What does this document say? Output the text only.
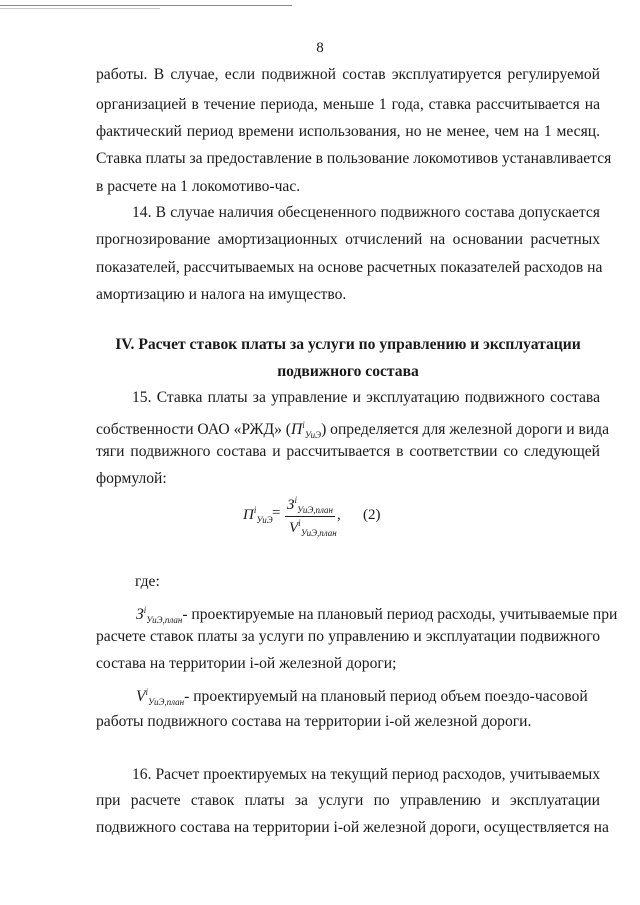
8
работы. В случае, если подвижной состав эксплуатируется регулируемой
организацией в течение периода, меньше 1 года, ставка рассчитывается на
фактический период времени использования, но не менее, чем на 1 месяц.
Ставка платы за предоставление в пользование локомотивов устанавливается
в расчете на 1 локомотиво-час.
14. В случае наличия обесцененного подвижного состава допускается
прогнозирование амортизационных отчислений на основании расчетных
показателей, рассчитываемых на основе расчетных показателей расходов на
амортизацию и налога на имущество.
IV. Расчет ставок платы за услуги по управлению и эксплуатации
подвижного состава
15. Ставка платы за управление и эксплуатацию подвижного состава
собственности ОАО «РЖД» $(П^i_{УиЭ})$ определяется для железной дороги и вида
тяги подвижного состава и рассчитывается в соответствии со следующей
формулой:
$П^i_{УиЭ} = З^i_{УиЭ,план}$
$V^i_{УиЭ,план}$
, (2)
где:
$З^i_{УиЭ,план}-$ проектируемые на плановый период расходы, учитываемые при
расчете ставок платы за услуги по управлению и эксплуатации подвижного
состава на территории i-ой железной дороги;
$V^i_{УиЭ,план}-$ проектируемый на плановый период объем поездо-часовой
работы подвижного состава на территории i-ой железной дороги.
16. Расчет проектируемых на текущий период расходов, учитываемых
при расчете ставок платы за услуги по управлению и эксплуатации
подвижного состава на территории i-ой железной дороги, осуществляется на
